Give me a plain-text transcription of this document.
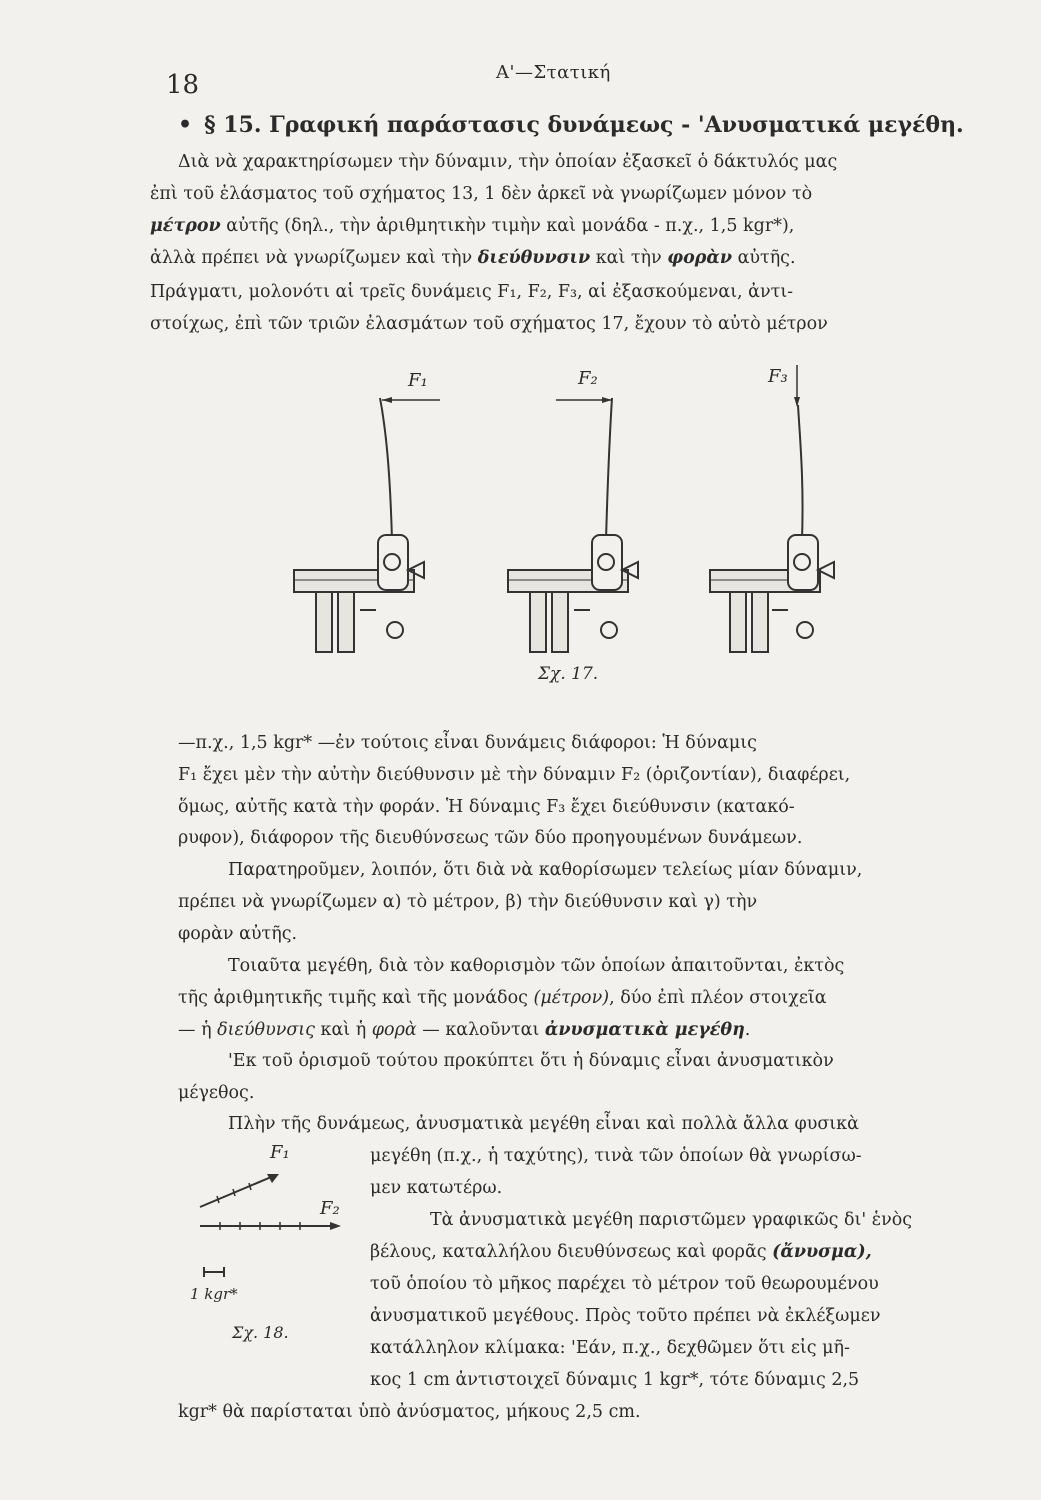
18	Α'—Στατική
• § 15. Γραφική παράστασις δυνάμεως - 'Ανυσματικά μεγέθη.
Διὰ νὰ χαρακτηρίσωμεν τὴν δύναμιν, τὴν ὁποίαν ἐξασκεῖ ὁ δάκτυλός μας
ἐπὶ τοῦ ἐλάσματος τοῦ σχήματος 13, 1 δὲν ἀρκεῖ νὰ γνωρίζωμεν μόνον τὸ
μέτρον αὐτῆς (δηλ., τὴν ἀριθμητικὴν τιμὴν καὶ μονάδα - π.χ., 1,5 kgr*),
ἀλλὰ πρέπει νὰ γνωρίζωμεν καὶ τὴν διεύθυνσιν καὶ τὴν φορὰν αὐτῆς.
Πράγματι, μολονότι αἱ τρεῖς δυνάμεις F₁, F₂, F₃, αἱ ἐξασκούμεναι, ἀντι-
στοίχως, ἐπὶ τῶν τριῶν ἐλασμάτων τοῦ σχήματος 17, ἔχουν τὸ αὐτὸ μέτρον
F₁	F₂	F₃
Σχ. 17.
—π.χ., 1,5 kgr* —ἐν τούτοις εἶναι δυνάμεις διάφοροι: Ἡ δύναμις
F₁ ἔχει μὲν τὴν αὐτὴν διεύθυνσιν μὲ τὴν δύναμιν F₂ (ὁριζοντίαν), διαφέρει,
ὅμως, αὐτῆς κατὰ τὴν φοράν. Ἡ δύναμις F₃ ἔχει διεύθυνσιν (κατακό-
ρυφον), διάφορον τῆς διευθύνσεως τῶν δύο προηγουμένων δυνάμεων.
Παρατηροῦμεν, λοιπόν, ὅτι διὰ νὰ καθορίσωμεν τελείως μίαν δύναμιν,
πρέπει νὰ γνωρίζωμεν α) τὸ μέτρον, β) τὴν διεύθυνσιν καὶ γ) τὴν
φορὰν αὐτῆς.
Τοιαῦτα μεγέθη, διὰ τὸν καθορισμὸν τῶν ὁποίων ἀπαιτοῦνται, ἐκτὸς
τῆς ἀριθμητικῆς τιμῆς καὶ τῆς μονάδος (μέτρον), δύο ἐπὶ πλέον στοιχεῖα
— ἡ διεύθυνσις καὶ ἡ φορὰ — καλοῦνται ἀνυσματικὰ μεγέθη.
'Εκ τοῦ ὁρισμοῦ τούτου προκύπτει ὅτι ἡ δύναμις εἶναι ἀνυσματικὸν
μέγεθος.
Πλὴν τῆς δυνάμεως, ἀνυσματικὰ μεγέθη εἶναι καὶ πολλὰ ἄλλα φυσικὰ
μεγέθη (π.χ., ἡ ταχύτης), τινὰ τῶν ὁποίων θὰ γνωρίσω-
μεν κατωτέρω.
Τὰ ἀνυσματικὰ μεγέθη παριστῶμεν γραφικῶς δι' ἑνὸς
βέλους, καταλλήλου διευθύνσεως καὶ φορᾶς (ἄνυσμα),
τοῦ ὁποίου τὸ μῆκος παρέχει τὸ μέτρον τοῦ θεωρουμένου
ἀνυσματικοῦ μεγέθους. Πρὸς τοῦτο πρέπει νὰ ἐκλέξωμεν
κατάλληλον κλίμακα: 'Εάν, π.χ., δεχθῶμεν ὅτι εἰς μῆ-
κος 1 cm ἀντιστοιχεῖ δύναμις 1 kgr*, τότε δύναμις 2,5
kgr* θὰ παρίσταται ὑπὸ ἀνύσματος, μήκους 2,5 cm.
F₁
F₂
1 kgr*
Σχ. 18.
